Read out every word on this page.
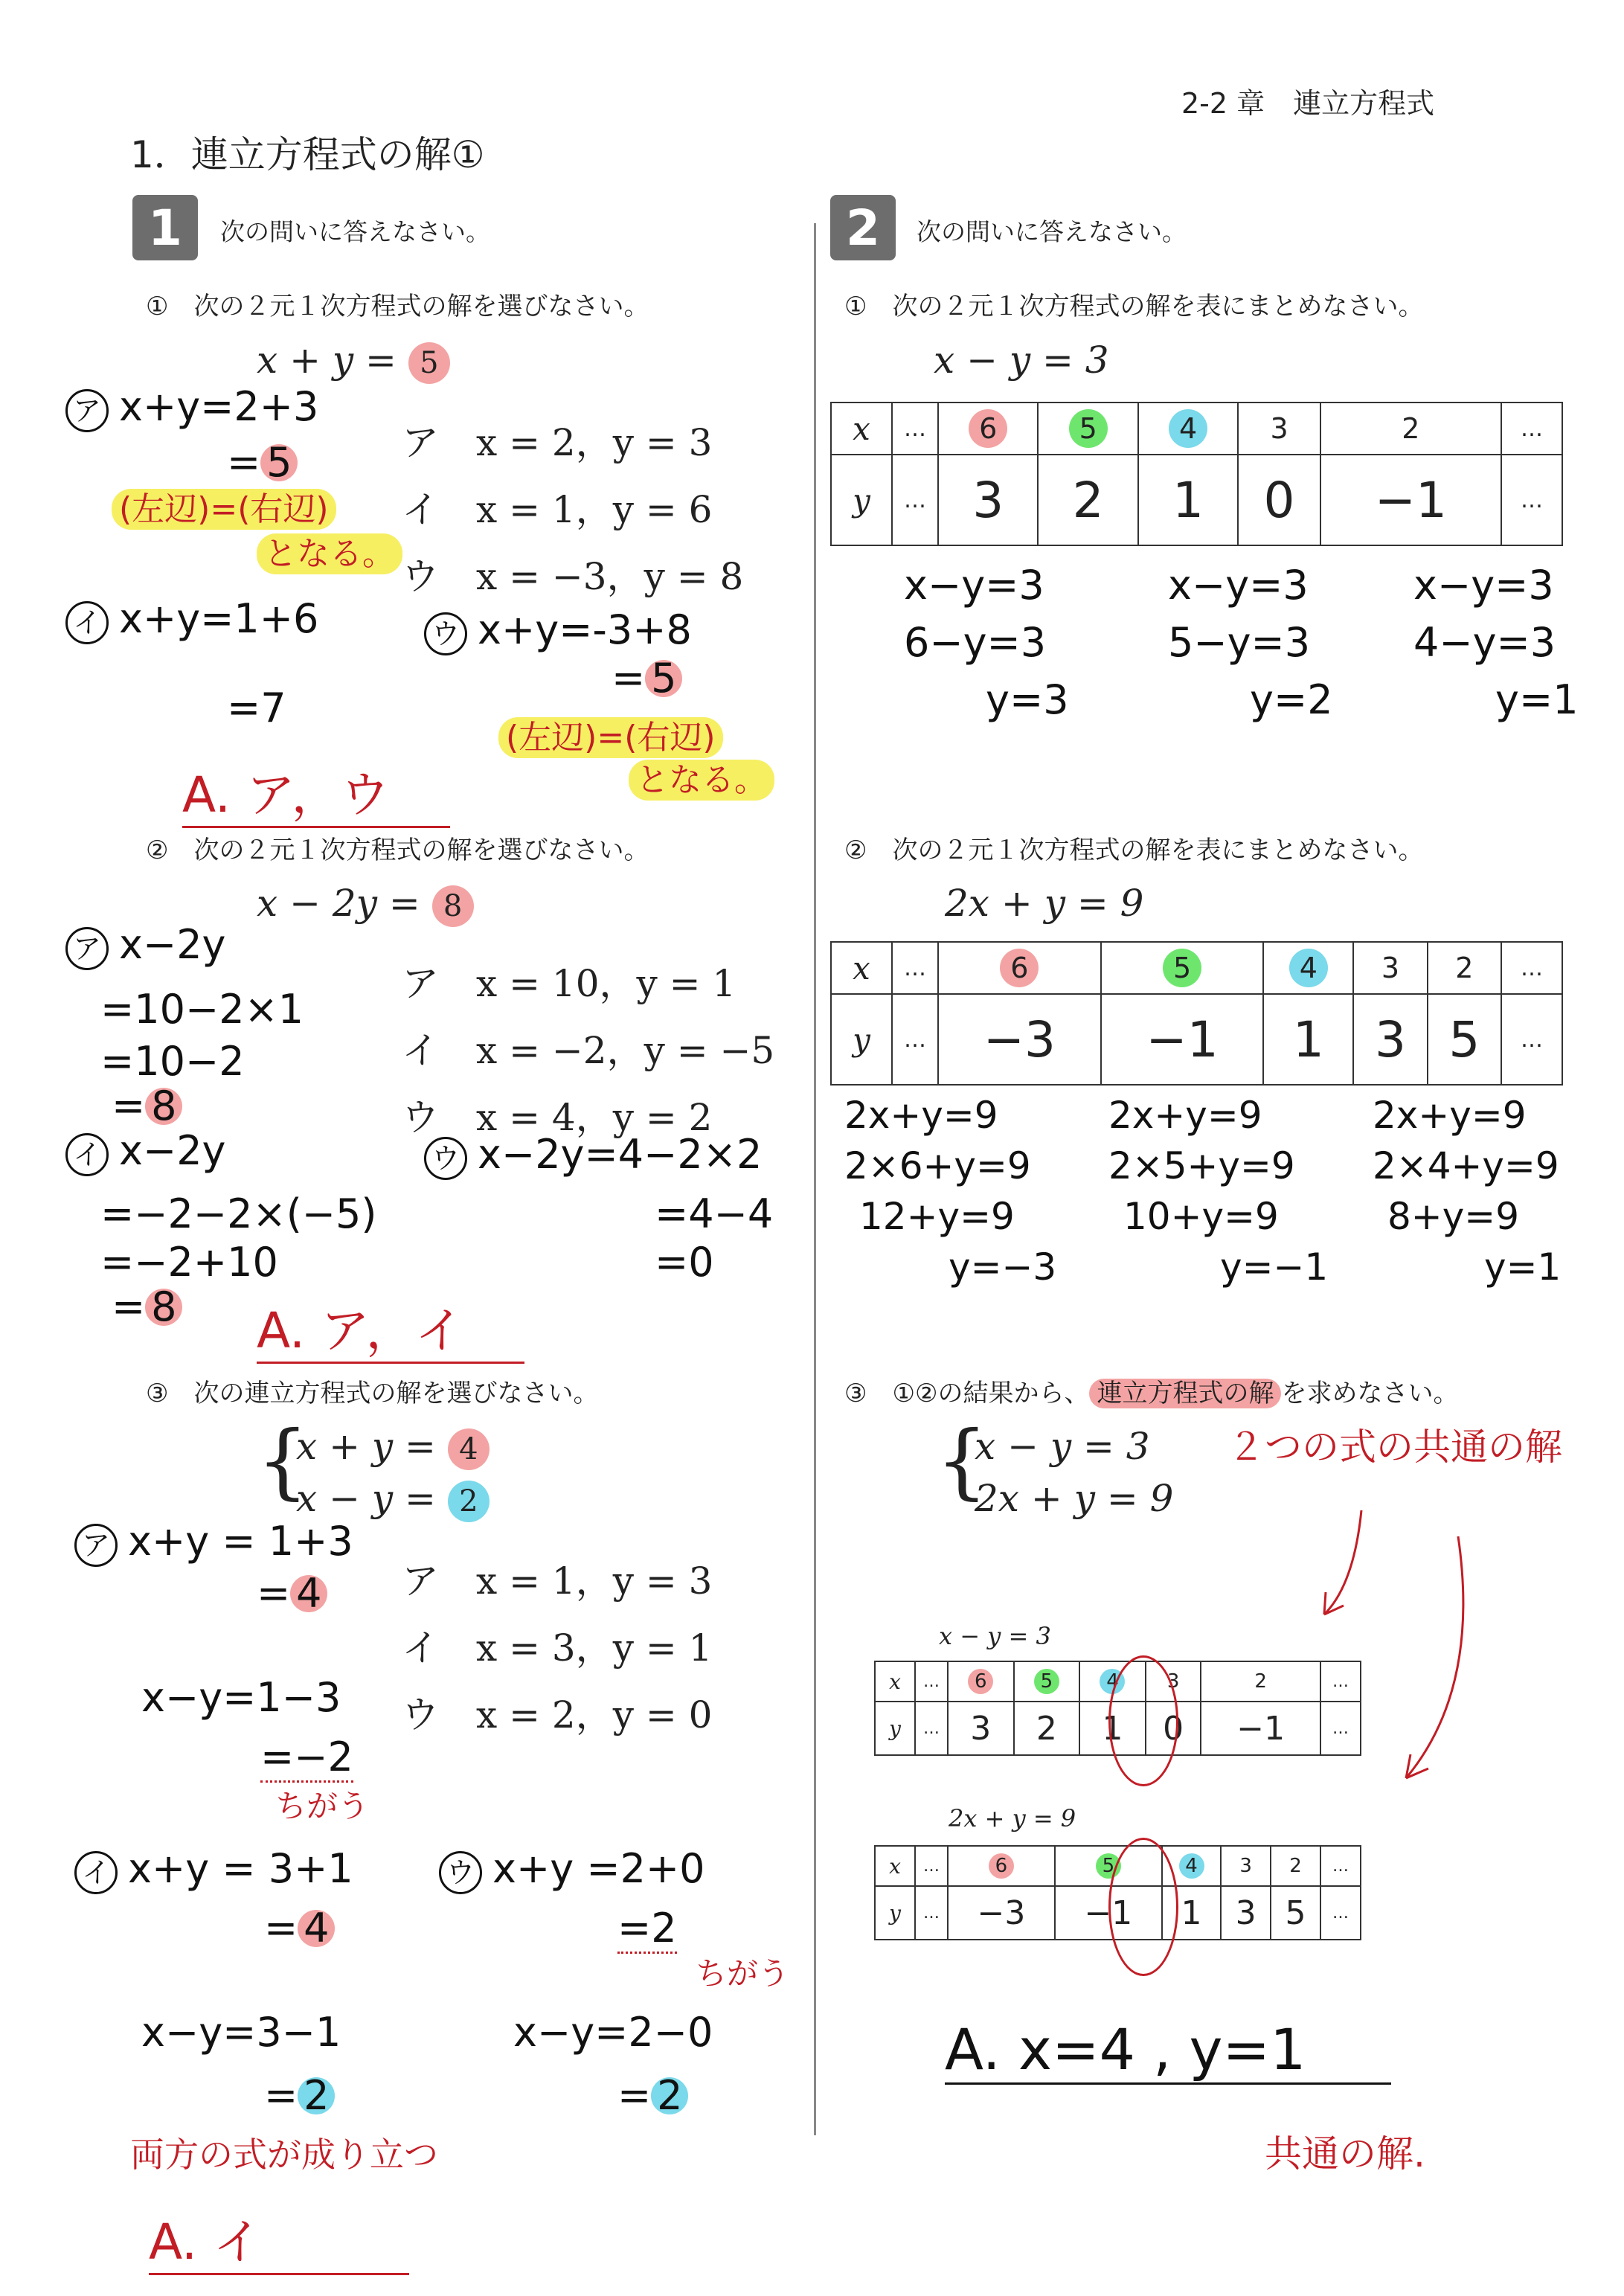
2-2 章　連立方程式
1．連立方程式の解①
1	次の問いに答えなさい。
①　次の２元１次方程式の解を選びなさい。
x + y = 5
ア　x = 2，y = 3
イ　x = 1，y = 6
ウ　x = −3，y = 8
ア x+y=2+3
= 5
(左辺)=(右辺)
となる。
イ x+y=1+6
=7
ウ x+y=-3+8
= 5
(左辺)=(右辺)
となる。
A. ア，ウ
②　次の２元１次方程式の解を選びなさい。
x − 2y = 8
ア　x = 10，y = 1
イ　x = −2，y = −5
ウ　x = 4，y = 2
ア x−2y
=10−2×1
=10−2
= 8
イ x−2y
=−2−2×(−5)
=−2+10
= 8
ウ x−2y=4−2×2
=4−4
=0
A. ア，イ
③　次の連立方程式の解を選びなさい。
{
x + y = 4
x − y = 2
ア　x = 1，y = 3
イ　x = 3，y = 1
ウ　x = 2，y = 0
ア x+y = 1+3
= 4
x−y=1−3
=−2
ちがう
イ x+y = 3+1
= 4
x−y=3−1
= 2
ウ x+y =2+0
=2
ちがう
x−y=2−0
= 2
両方の式が成り立つ
A. イ
2	次の問いに答えなさい。
①　次の２元１次方程式の解を表にまとめなさい。
x − y = 3
x	…	6	5	4	3	2	…
y	…	3	2	1	0	−1	…
x−y=3
6−y=3
y=3
x−y=3
5−y=3
y=2
x−y=3
4−y=3
y=1
②　次の２元１次方程式の解を表にまとめなさい。
2x + y = 9
x	…	6	5	4	3	2	…
y	…	−3	−1	1	3	5	…
2x+y=9
2×6+y=9
12+y=9
y=−3
2x+y=9
2×5+y=9
10+y=9
y=−1
2x+y=9
2×4+y=9
8+y=9
y=1
③　①②の結果から、 連立方程式の解 を求めなさい。
{
x − y = 3
2x + y = 9
２つの式の共通の解
x − y = 3
x	…	6	5	4	3	2	…
y	…	3	2	1	0	−1	…
2x + y = 9
x	…	6	5	4	3	2	…
y	…	−3	−1	1	3	5	…
A. x=4 , y=1
共通の解.
